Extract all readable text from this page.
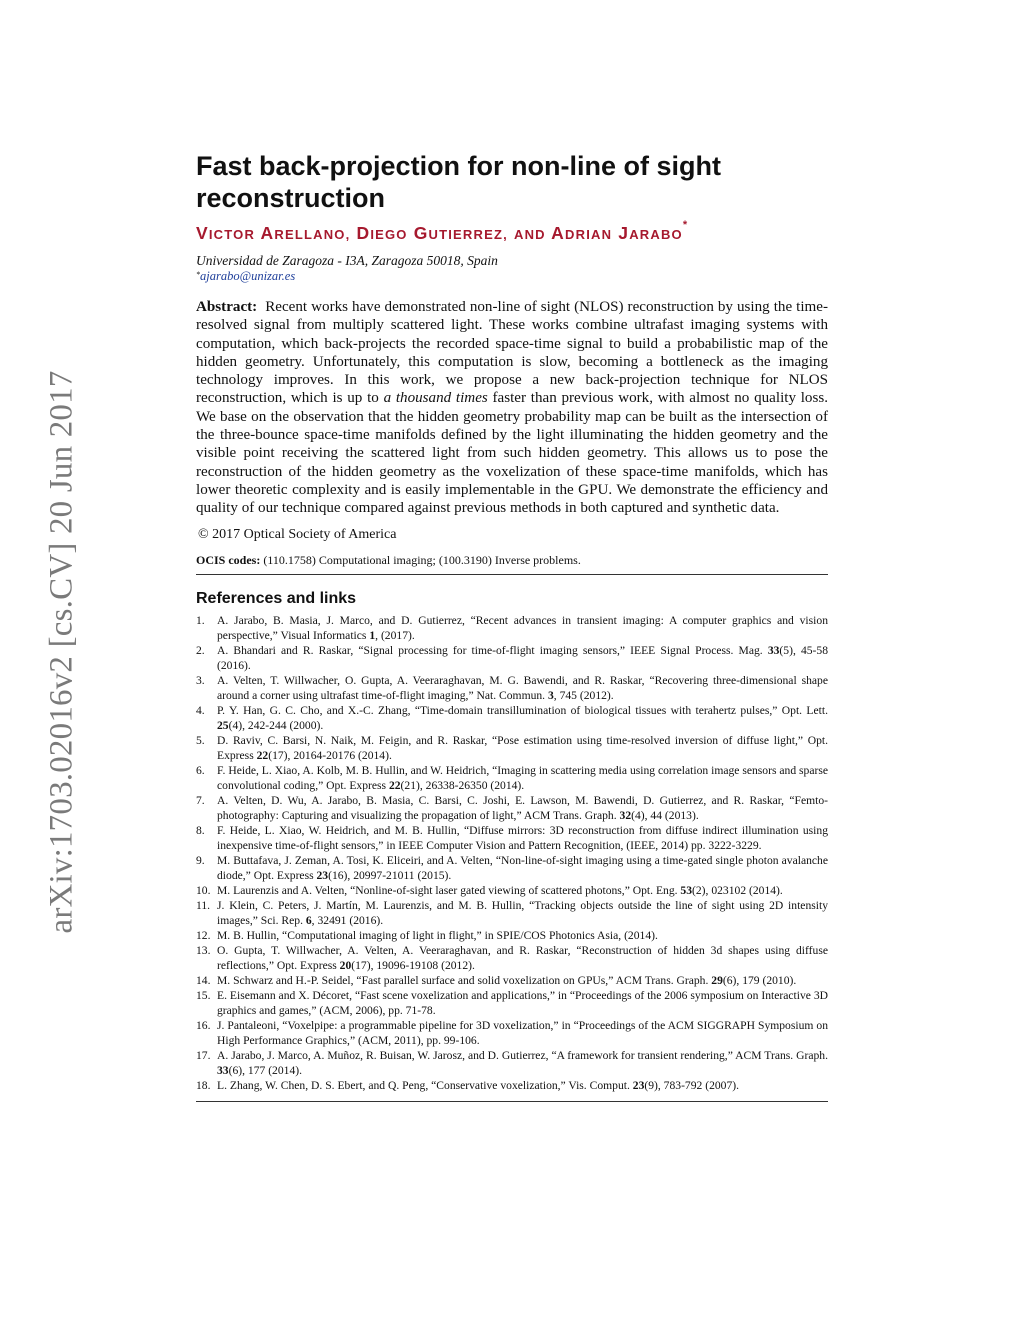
arXiv:1703.02016v2 [cs.CV] 20 Jun 2017
Fast back-projection for non-line of sight reconstruction
VICTOR ARELLANO, DIEGO GUTIERREZ, AND ADRIAN JARABO*
Universidad de Zaragoza - I3A, Zaragoza 50018, Spain
*ajarabo@unizar.es
Abstract: Recent works have demonstrated non-line of sight (NLOS) reconstruction by using the time-resolved signal from multiply scattered light. These works combine ultrafast imaging systems with computation, which back-projects the recorded space-time signal to build a probabilistic map of the hidden geometry. Unfortunately, this computation is slow, becoming a bottleneck as the imaging technology improves. In this work, we propose a new back-projection technique for NLOS reconstruction, which is up to a thousand times faster than previous work, with almost no quality loss. We base on the observation that the hidden geometry probability map can be built as the intersection of the three-bounce space-time manifolds defined by the light illuminating the hidden geometry and the visible point receiving the scattered light from such hidden geometry. This allows us to pose the reconstruction of the hidden geometry as the voxelization of these space-time manifolds, which has lower theoretic complexity and is easily implementable in the GPU. We demonstrate the efficiency and quality of our technique compared against previous methods in both captured and synthetic data.
© 2017 Optical Society of America
OCIS codes: (110.1758) Computational imaging; (100.3190) Inverse problems.
References and links
1.	A. Jarabo, B. Masia, J. Marco, and D. Gutierrez, “Recent advances in transient imaging: A computer graphics and vision perspective,” Visual Informatics 1, (2017).
2.	A. Bhandari and R. Raskar, “Signal processing for time-of-flight imaging sensors,” IEEE Signal Process. Mag. 33(5), 45-58 (2016).
3.	A. Velten, T. Willwacher, O. Gupta, A. Veeraraghavan, M. G. Bawendi, and R. Raskar, “Recovering three-dimensional shape around a corner using ultrafast time-of-flight imaging,” Nat. Commun. 3, 745 (2012).
4.	P. Y. Han, G. C. Cho, and X.-C. Zhang, “Time-domain transillumination of biological tissues with terahertz pulses,” Opt. Lett. 25(4), 242-244 (2000).
5.	D. Raviv, C. Barsi, N. Naik, M. Feigin, and R. Raskar, “Pose estimation using time-resolved inversion of diffuse light,” Opt. Express 22(17), 20164-20176 (2014).
6.	F. Heide, L. Xiao, A. Kolb, M. B. Hullin, and W. Heidrich, “Imaging in scattering media using correlation image sensors and sparse convolutional coding,” Opt. Express 22(21), 26338-26350 (2014).
7.	A. Velten, D. Wu, A. Jarabo, B. Masia, C. Barsi, C. Joshi, E. Lawson, M. Bawendi, D. Gutierrez, and R. Raskar, “Femto-photography: Capturing and visualizing the propagation of light,” ACM Trans. Graph. 32(4), 44 (2013).
8.	F. Heide, L. Xiao, W. Heidrich, and M. B. Hullin, “Diffuse mirrors: 3D reconstruction from diffuse indirect illumination using inexpensive time-of-flight sensors,” in IEEE Computer Vision and Pattern Recognition, (IEEE, 2014) pp. 3222-3229.
9.	M. Buttafava, J. Zeman, A. Tosi, K. Eliceiri, and A. Velten, “Non-line-of-sight imaging using a time-gated single photon avalanche diode,” Opt. Express 23(16), 20997-21011 (2015).
10. M. Laurenzis and A. Velten, “Nonline-of-sight laser gated viewing of scattered photons,” Opt. Eng. 53(2), 023102 (2014).
11. J. Klein, C. Peters, J. Martín, M. Laurenzis, and M. B. Hullin, “Tracking objects outside the line of sight using 2D intensity images,” Sci. Rep. 6, 32491 (2016).
12. M. B. Hullin, “Computational imaging of light in flight,” in SPIE/COS Photonics Asia, (2014).
13. O. Gupta, T. Willwacher, A. Velten, A. Veeraraghavan, and R. Raskar, “Reconstruction of hidden 3d shapes using diffuse reflections,” Opt. Express 20(17), 19096-19108 (2012).
14. M. Schwarz and H.-P. Seidel, “Fast parallel surface and solid voxelization on GPUs,” ACM Trans. Graph. 29(6), 179 (2010).
15. E. Eisemann and X. Décoret, “Fast scene voxelization and applications,” in “Proceedings of the 2006 symposium on Interactive 3D graphics and games,” (ACM, 2006), pp. 71-78.
16. J. Pantaleoni, “Voxelpipe: a programmable pipeline for 3D voxelization,” in “Proceedings of the ACM SIGGRAPH Symposium on High Performance Graphics,” (ACM, 2011), pp. 99-106.
17. A. Jarabo, J. Marco, A. Muñoz, R. Buisan, W. Jarosz, and D. Gutierrez, “A framework for transient rendering,” ACM Trans. Graph. 33(6), 177 (2014).
18. L. Zhang, W. Chen, D. S. Ebert, and Q. Peng, “Conservative voxelization,” Vis. Comput. 23(9), 783-792 (2007).
